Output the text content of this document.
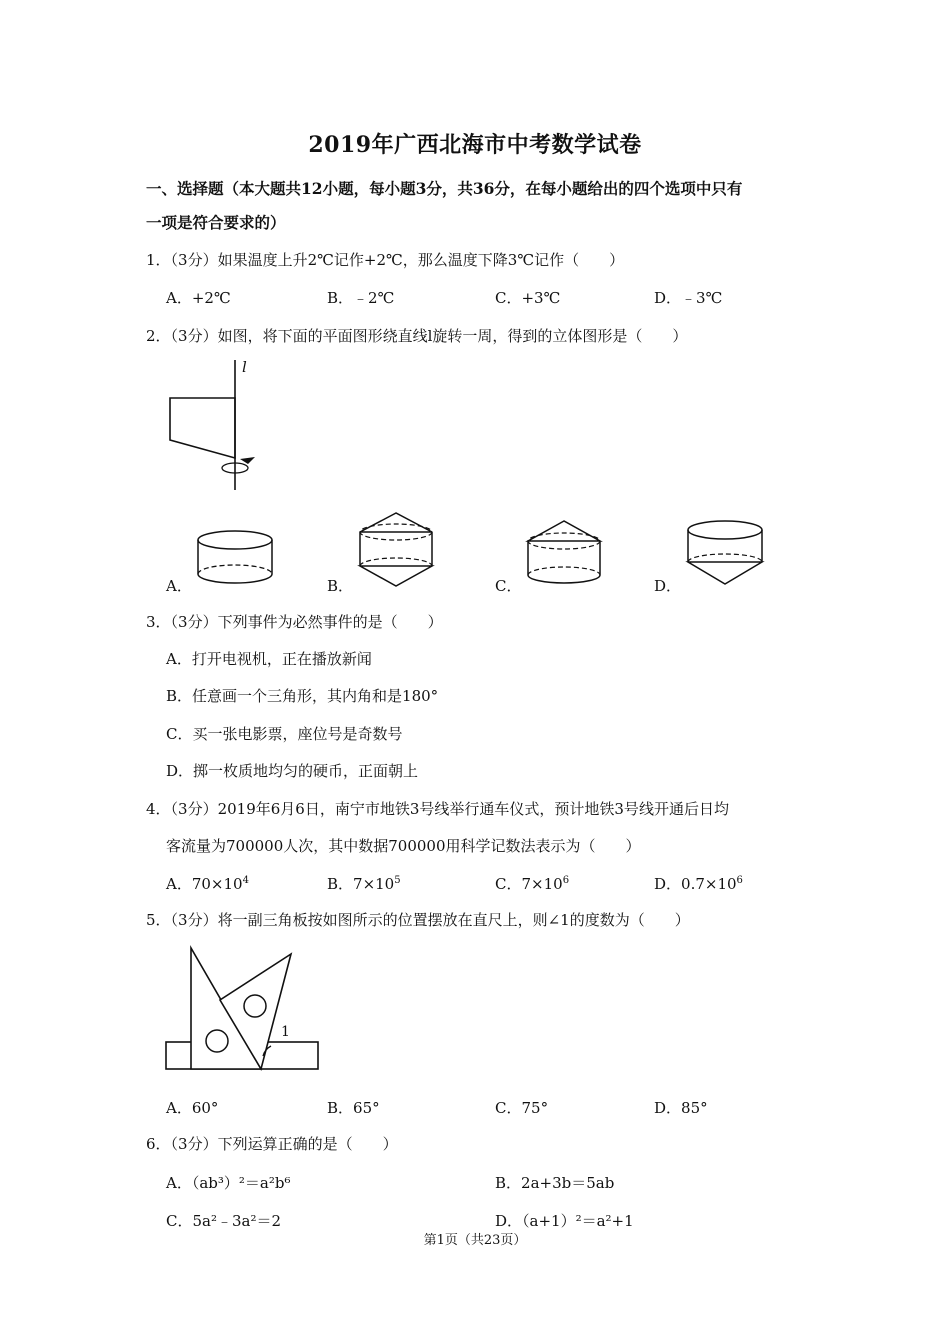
2019年广西北海市中考数学试卷
一、选择题（本大题共12小题，每小题3分，共36分，在每小题给出的四个选项中只有
一项是符合要求的）
1．（3分）如果温度上升2℃记作+2℃，那么温度下降3℃记作（　　）
A．+2℃	B．﹣2℃	C．+3℃	D．﹣3℃
2．（3分）如图，将下面的平面图形绕直线l旋转一周，得到的立体图形是（　　）
l
A．	B．	C．	D．
3．（3分）下列事件为必然事件的是（　　）
A．打开电视机，正在播放新闻
B．任意画一个三角形，其内角和是180°
C．买一张电影票，座位号是奇数号
D．掷一枚质地均匀的硬币，正面朝上
4．（3分）2019年6月6日，南宁市地铁3号线举行通车仪式，预计地铁3号线开通后日均
客流量为700000人次，其中数据700000用科学记数法表示为（　　）
A．$70\times 10^4$	B．$7\times 10^5$	C．$7\times 10^6$	D．$0.7\times 10^6$
5．（3分）将一副三角板按如图所示的位置摆放在直尺上，则∠1的度数为（　　）
1
A．60°	B．65°	C．75°	D．85°
6．（3分）下列运算正确的是（　　）
A．（ab³）²＝a²b⁶	B．2a+3b＝5ab
C．5a²﹣3a²＝2	D．（a+1）²＝a²+1
第1页（共23页）
